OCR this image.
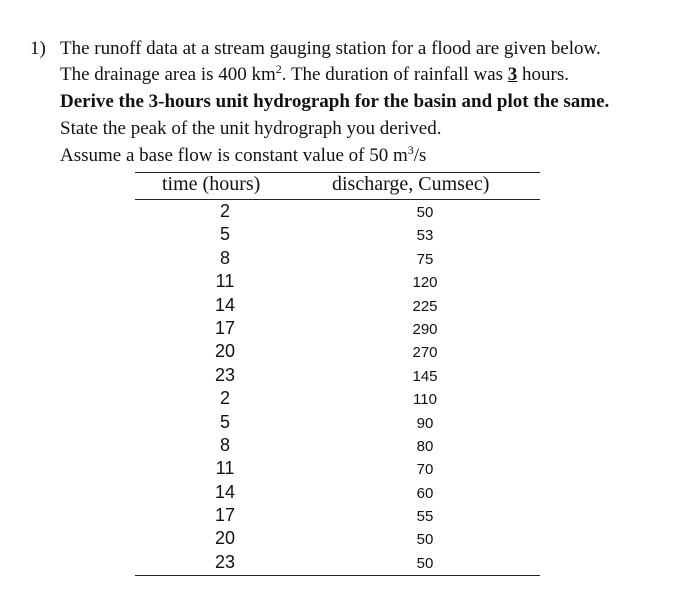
1) The runoff data at a stream gauging station for a flood are given below.
The drainage area is 400 $km^2$. The duration of rainfall was 3 hours.
Derive the 3-hours unit hydrograph for the basin and plot the same.
State the peak of the unit hydrograph you derived.
Assume a base flow is constant value of 50 $m^3/s$
time (hours)	discharge, Cumsec)
2	50
5	53
8	75
11	120
14	225
17	290
20	270
23	145
2	110
5	90
8	80
11	70
14	60
17	55
20	50
23	50
